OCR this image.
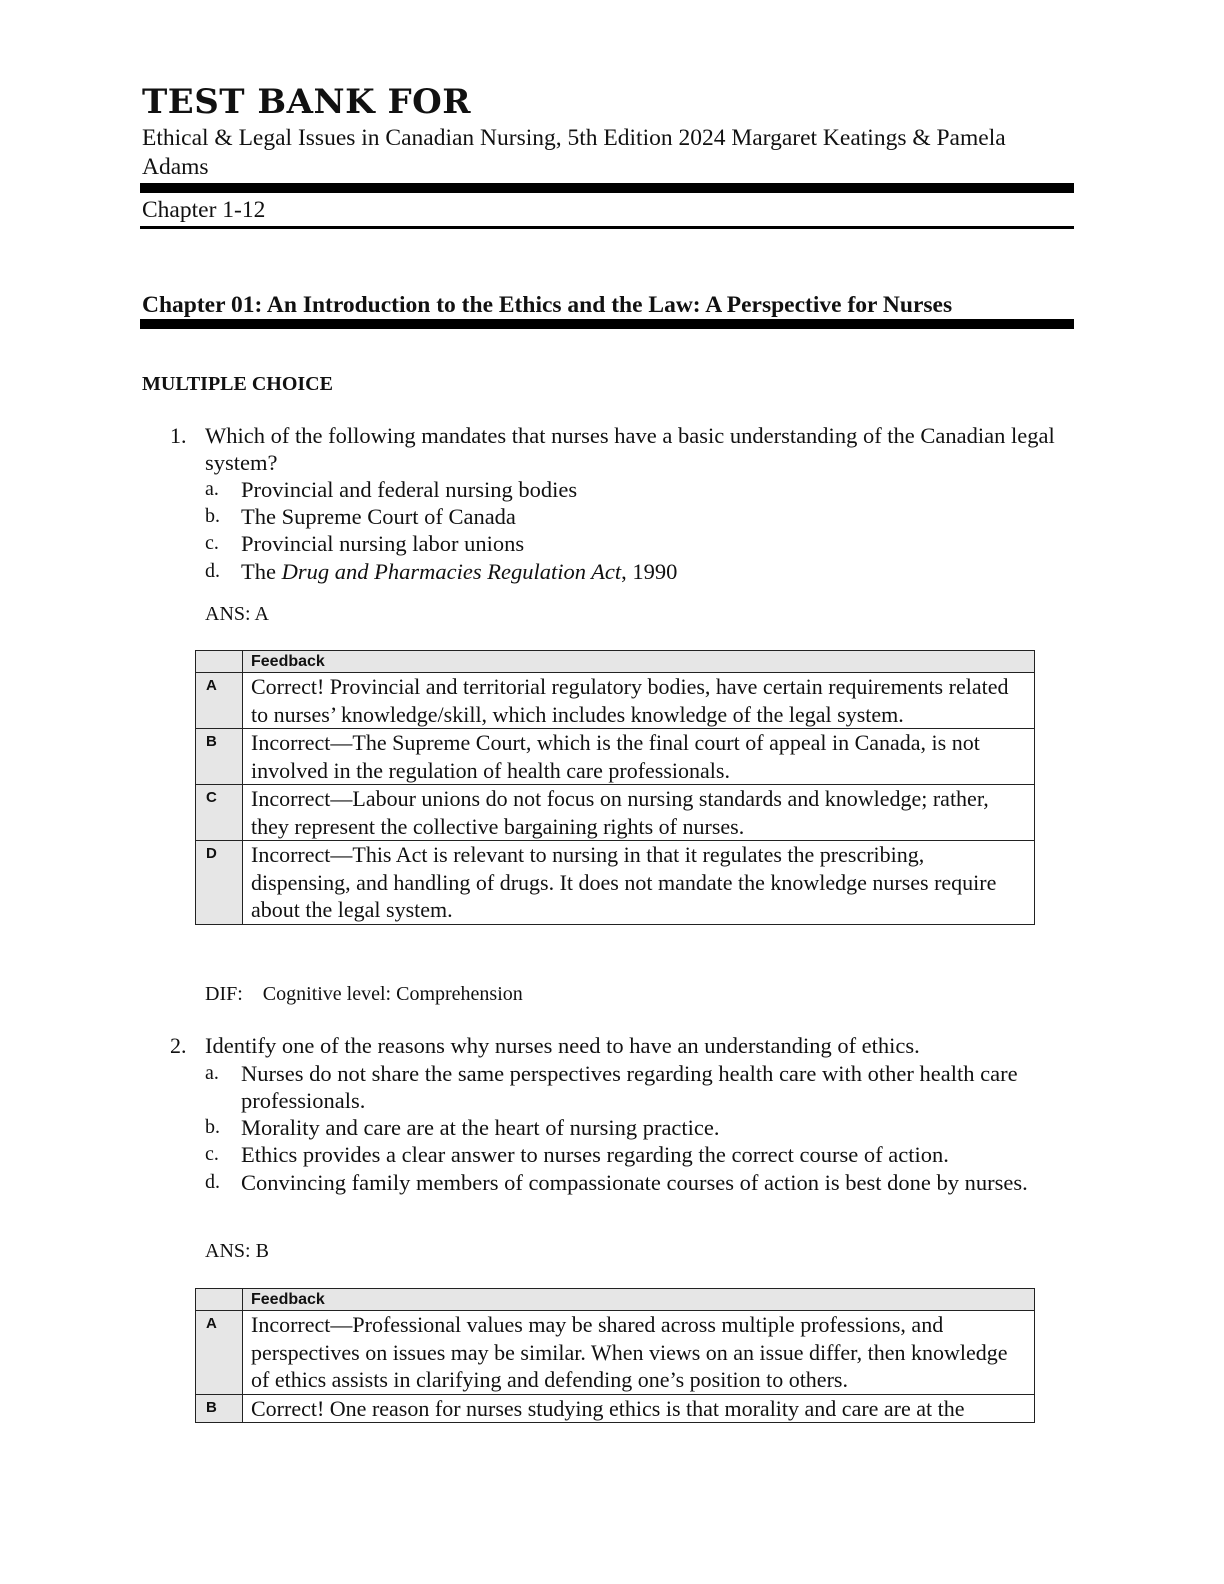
TEST BANK FOR
Ethical & Legal Issues in Canadian Nursing, 5th Edition 2024 Margaret Keatings & Pamela Adams
Chapter 1-12
Chapter 01: An Introduction to the Ethics and the Law: A Perspective for Nurses
MULTIPLE CHOICE
1. Which of the following mandates that nurses have a basic understanding of the Canadian legal system?
a. Provincial and federal nursing bodies
b. The Supreme Court of Canada
c. Provincial nursing labor unions
d. The Drug and Pharmacies Regulation Act, 1990
ANS: A
	Feedback
A	Correct! Provincial and territorial regulatory bodies, have certain requirements related to nurses’ knowledge/skill, which includes knowledge of the legal system.
B	Incorrect—The Supreme Court, which is the final court of appeal in Canada, is not involved in the regulation of health care professionals.
C	Incorrect—Labour unions do not focus on nursing standards and knowledge; rather, they represent the collective bargaining rights of nurses.
D	Incorrect—This Act is relevant to nursing in that it regulates the prescribing, dispensing, and handling of drugs. It does not mandate the knowledge nurses require about the legal system.
DIF: Cognitive level: Comprehension
2. Identify one of the reasons why nurses need to have an understanding of ethics.
a. Nurses do not share the same perspectives regarding health care with other health care professionals.
b. Morality and care are at the heart of nursing practice.
c. Ethics provides a clear answer to nurses regarding the correct course of action.
d. Convincing family members of compassionate courses of action is best done by nurses.
ANS: B
	Feedback
A	Incorrect—Professional values may be shared across multiple professions, and perspectives on issues may be similar. When views on an issue differ, then knowledge of ethics assists in clarifying and defending one’s position to others.
B	Correct! One reason for nurses studying ethics is that morality and care are at the
